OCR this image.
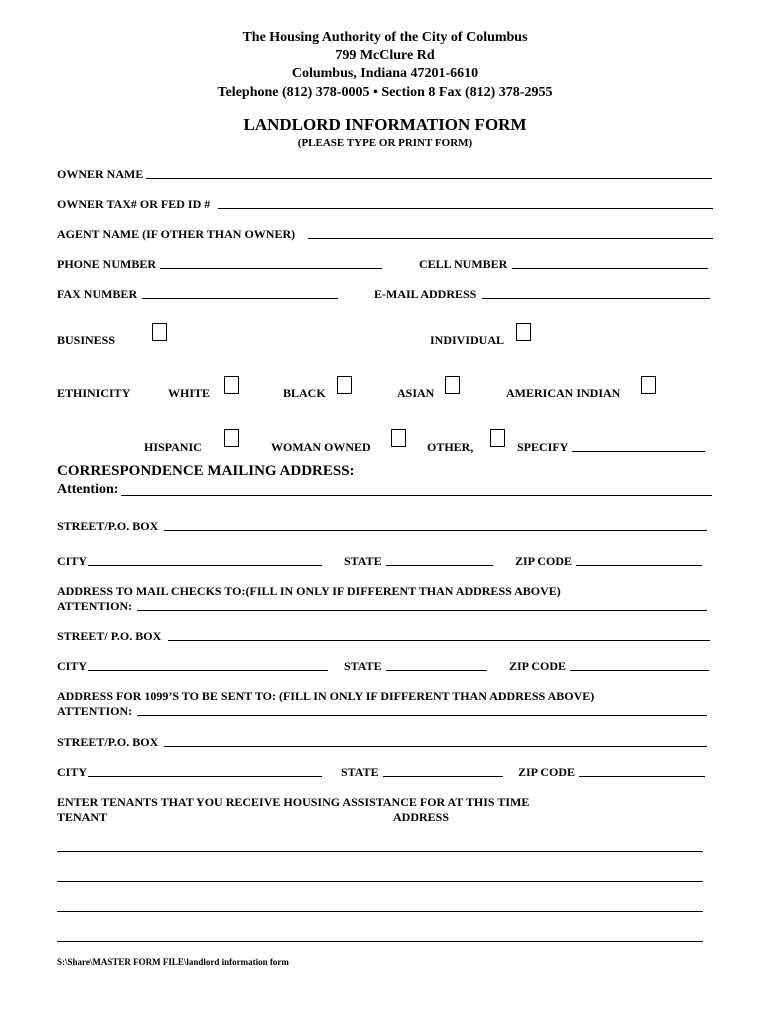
The Housing Authority of the City of Columbus
799 McClure Rd
Columbus, Indiana 47201-6610
Telephone (812) 378-0005 • Section 8 Fax (812) 378-2955
LANDLORD INFORMATION FORM
(PLEASE TYPE OR PRINT FORM)
OWNER NAME
OWNER TAX# OR FED ID #
AGENT NAME (IF OTHER THAN OWNER)
PHONE NUMBER	CELL NUMBER
FAX NUMBER	E-MAIL ADDRESS
BUSINESS	INDIVIDUAL
ETHINICITY	WHITE	BLACK	ASIAN	AMERICAN INDIAN
HISPANIC	WOMAN OWNED	OTHER,	SPECIFY
CORRESPONDENCE MAILING ADDRESS:
Attention:
STREET/P.O. BOX
CITY	STATE	ZIP CODE
ADDRESS TO MAIL CHECKS TO:(FILL IN ONLY IF DIFFERENT THAN ADDRESS ABOVE)
ATTENTION:
STREET/ P.O. BOX
CITY	STATE	ZIP CODE
ADDRESS FOR 1099’S TO BE SENT TO: (FILL IN ONLY IF DIFFERENT THAN ADDRESS ABOVE)
ATTENTION:
STREET/P.O. BOX
CITY	STATE	ZIP CODE
ENTER TENANTS THAT YOU RECEIVE HOUSING ASSISTANCE FOR AT THIS TIME
TENANT	ADDRESS
S:\Share\MASTER FORM FILE\landlord information form
